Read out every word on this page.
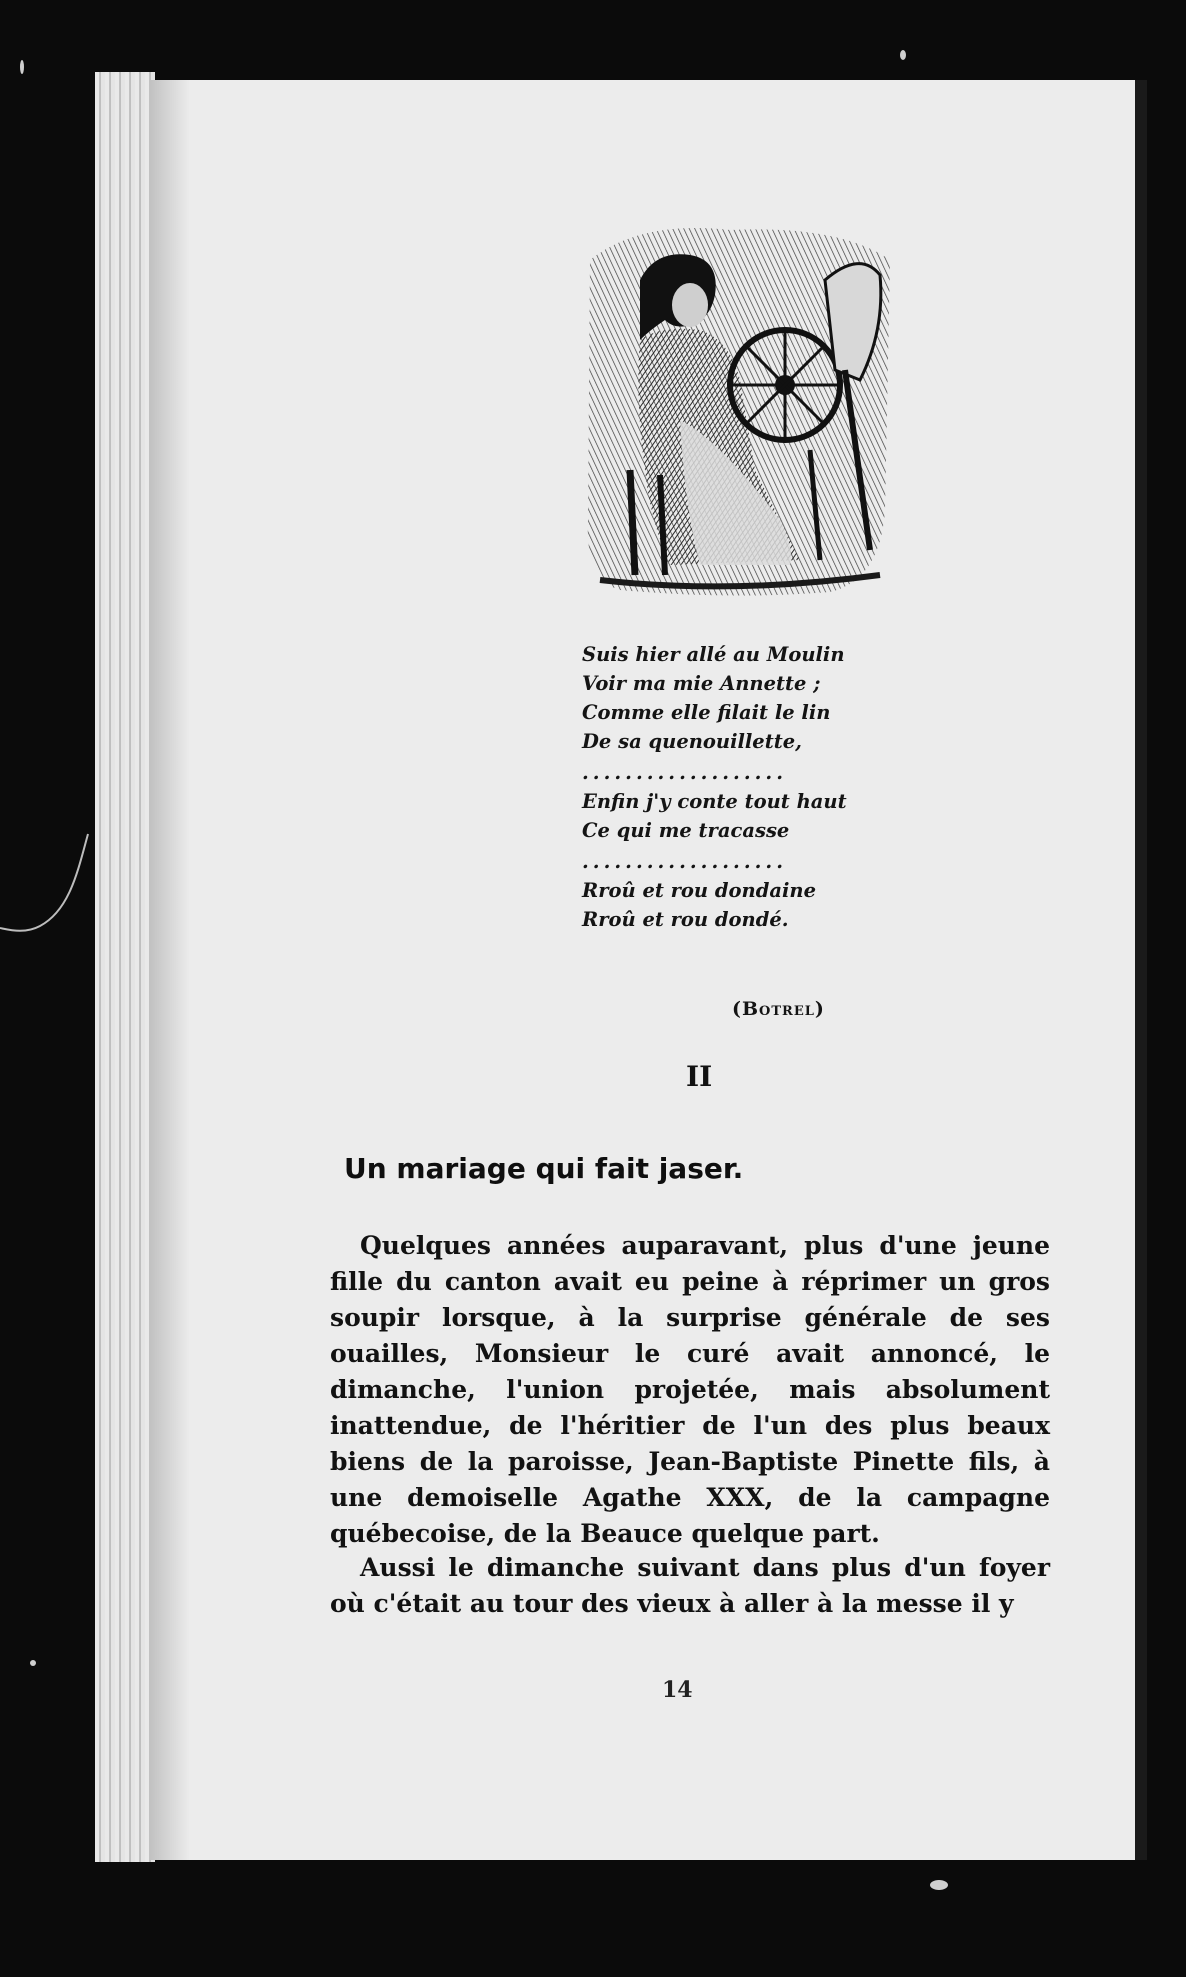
Suis hier allé au Moulin
Voir ma mie Annette ;
Comme elle filait le lin
De sa quenouillette,
...................
Enfin j'y conte tout haut
Ce qui me tracasse
...................
Rroû et rou dondaine
Rroû et rou dondé.
(Botrel)
II
Un mariage qui fait jaser.

Quelques années auparavant, plus d'une jeune fille du canton avait eu peine à réprimer un gros soupir lorsque, à la surprise générale de ses ouailles, Monsieur le curé avait annoncé, le dimanche, l'union projetée, mais absolument inattendue, de l'héritier de l'un des plus beaux biens de la paroisse, Jean-Baptiste Pinette fils, à une demoiselle Agathe XXX, de la campagne québecoise, de la Beauce quelque part.

Aussi le dimanche suivant dans plus d'un foyer où c'était au tour des vieux à aller à la messe il y

14
